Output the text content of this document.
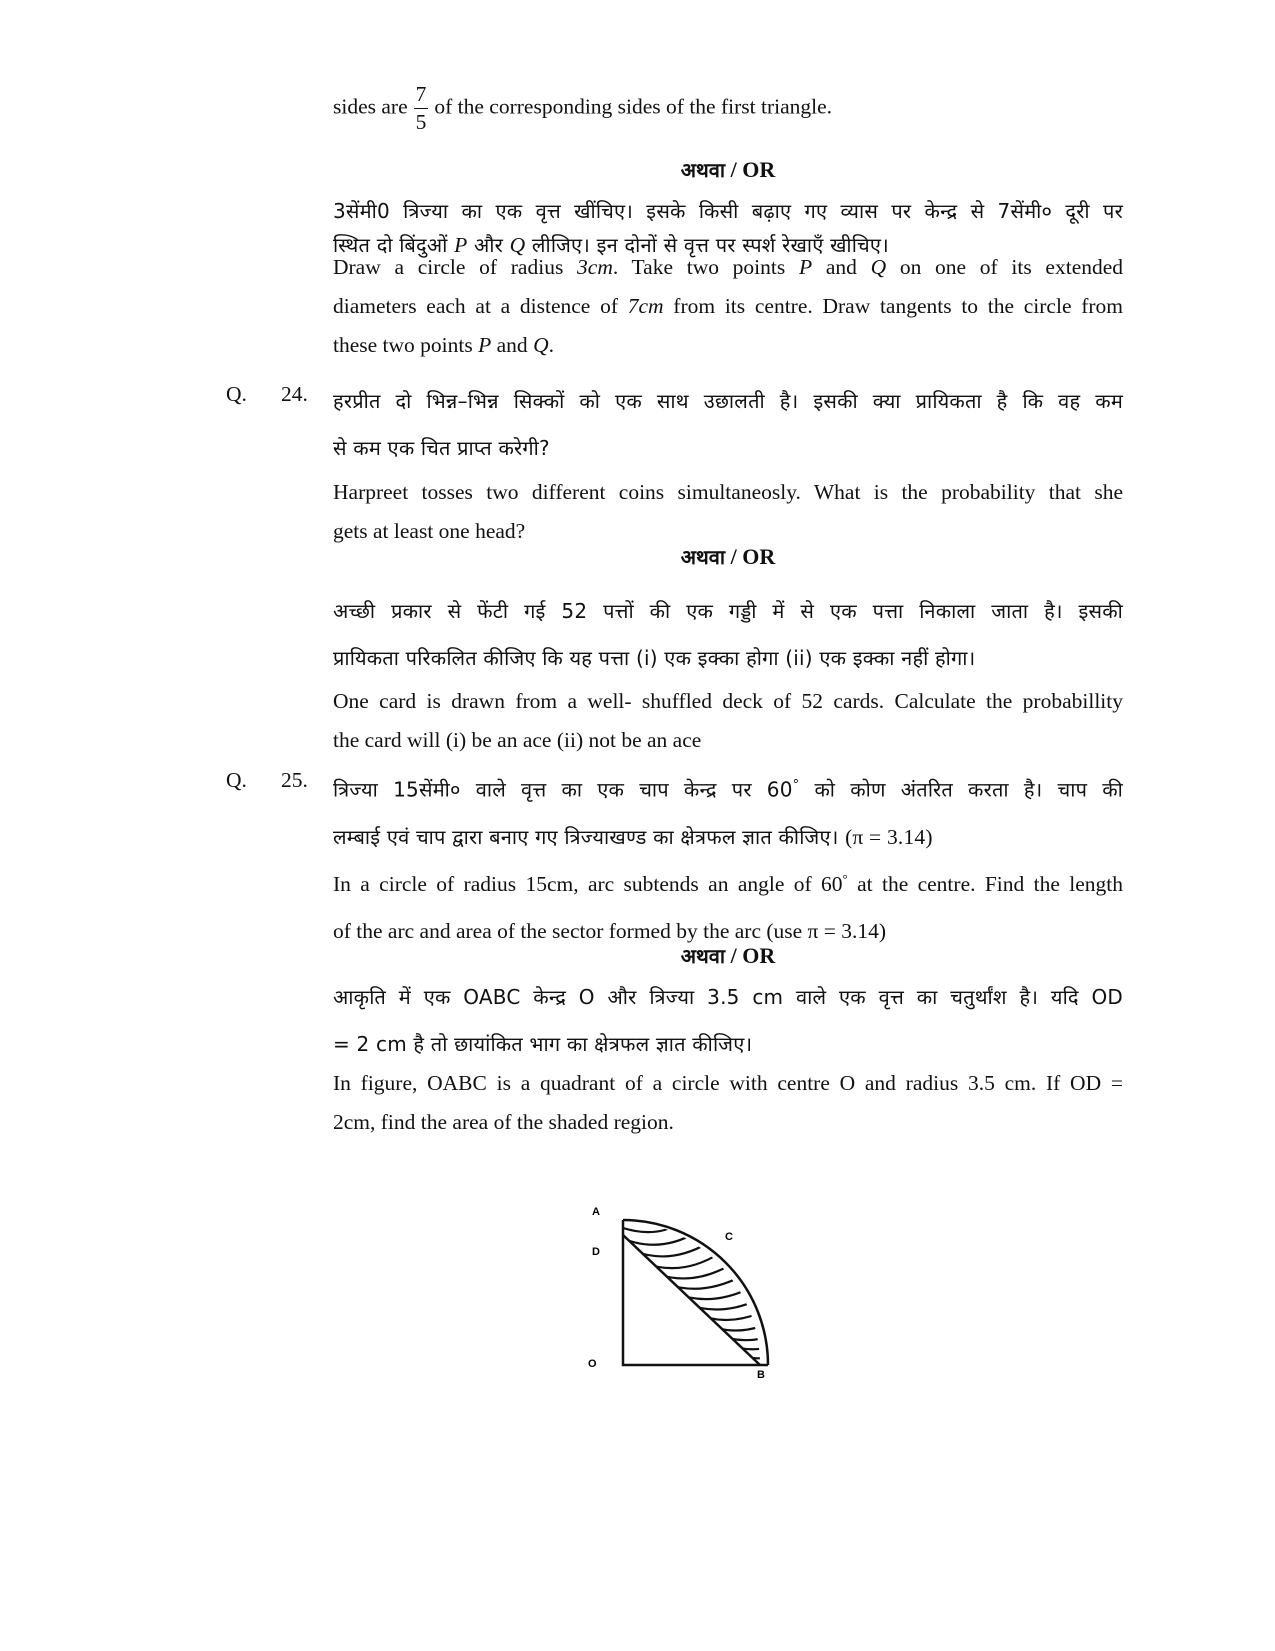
sides are $\frac{7}{5}$ of the corresponding sides of the first triangle.
अथवा / OR
3सेंमी0 त्रिज्या का एक वृत्त खींचिए। इसके किसी बढ़ाए गए व्यास पर केन्द्र से 7सेंमी० दूरी पर
स्थित दो बिंदुओं P और Q लीजिए। इन दोनों से वृत्त पर स्पर्श रेखाएँ खीचिए।
Draw a circle of radius 3cm. Take two points P and Q on one of its extended
diameters each at a distence of 7cm from its centre. Draw tangents to the circle from
these two points P and Q.
Q. 24. हरप्रीत दो भिन्न–भिन्न सिक्कों को एक साथ उछालती है। इसकी क्या प्रायिकता है कि वह कम
से कम एक चित प्राप्त करेगी?
Harpreet tosses two different coins simultaneosly. What is the probability that she
gets at least one head?
अथवा / OR
अच्छी प्रकार से फेंटी गई 52 पत्तों की एक गड्डी में से एक पत्ता निकाला जाता है। इसकी
प्रायिकता परिकलित कीजिए कि यह पत्ता (i) एक इक्का होगा (ii) एक इक्का नहीं होगा।
One card is drawn from a well- shuffled deck of 52 cards. Calculate the probabillity
the card will (i) be an ace (ii) not be an ace
Q. 25. त्रिज्या 15सेंमी० वाले वृत्त का एक चाप केन्द्र पर 60° को कोण अंतरित करता है। चाप की
लम्बाई एवं चाप द्वारा बनाए गए त्रिज्याखण्ड का क्षेत्रफल ज्ञात कीजिए। (π = 3.14)
In a circle of radius 15cm, arc subtends an angle of 60° at the centre. Find the length
of the arc and area of the sector formed by the arc (use π = 3.14)
अथवा / OR
आकृति में एक OABC केन्द्र O और त्रिज्या 3.5 cm वाले एक वृत्त का चतुर्थांश है। यदि OD
= 2 cm है तो छायांकित भाग का क्षेत्रफल ज्ञात कीजिए।
In figure, OABC is a quadrant of a circle with centre O and radius 3.5 cm. If OD =
2cm, find the area of the shaded region.
A
D
O
B
C
